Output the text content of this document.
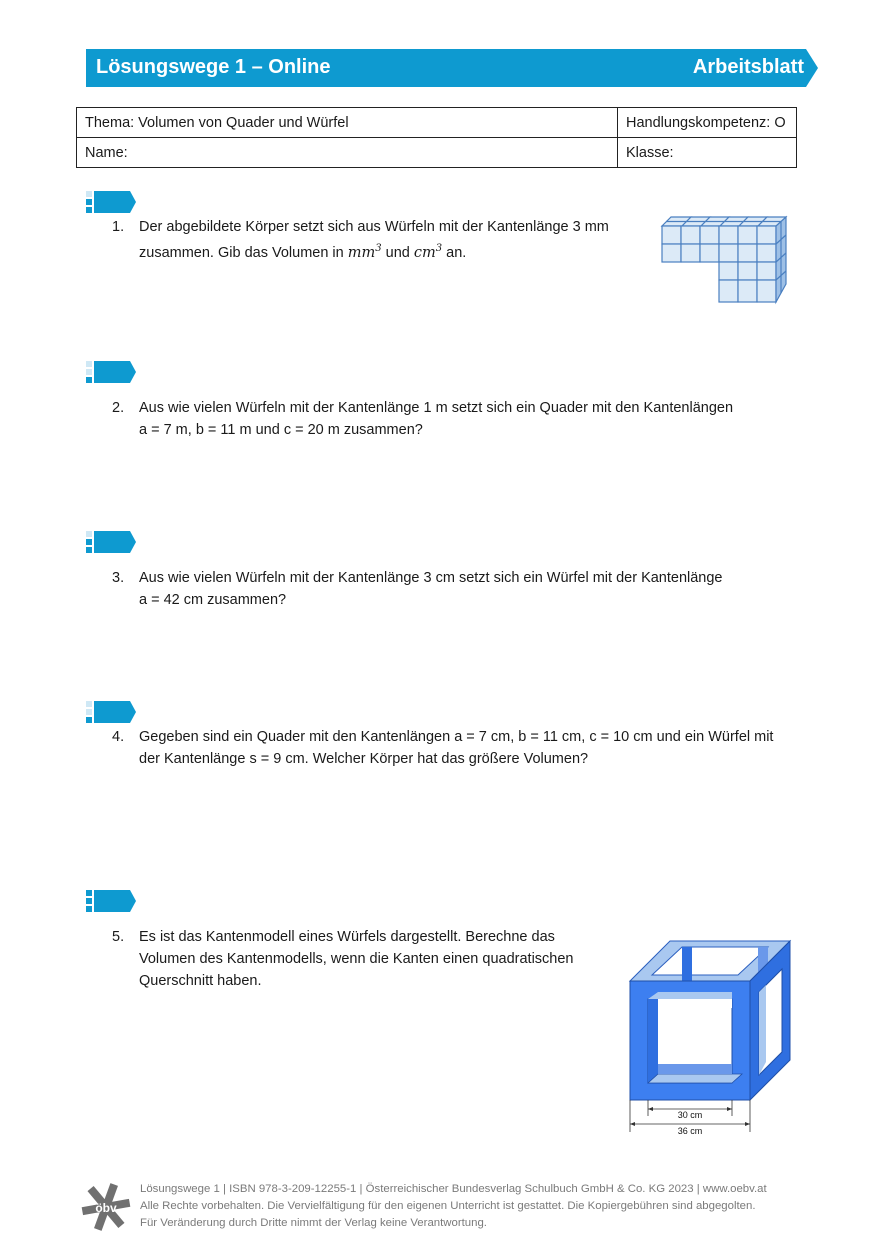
Lösungswege 1 – Online	Arbeitsblatt
Thema: Volumen von Quader und Würfel	Handlungskompetenz: O
Name:	Klasse:
1.	Der abgebildete Körper setzt sich aus Würfeln mit der Kantenlänge 3 mm
zusammen. Gib das Volumen in $mm^3$ und $cm^3$ an.
2.	Aus wie vielen Würfeln mit der Kantenlänge 1 m setzt sich ein Quader mit den Kantenlängen
a = 7 m, b = 11 m und c = 20 m zusammen?
3.	Aus wie vielen Würfeln mit der Kantenlänge 3 cm setzt sich ein Würfel mit der Kantenlänge
a = 42 cm zusammen?
4.	Gegeben sind ein Quader mit den Kantenlängen a = 7 cm, b = 11 cm, c = 10 cm und ein Würfel mit
der Kantenlänge s = 9 cm. Welcher Körper hat das größere Volumen?
5.	Es ist das Kantenmodell eines Würfels dargestellt. Berechne das
Volumen des Kantenmodells, wenn die Kanten einen quadratischen
Querschnitt haben.
30 cm
36 cm
öbv
Lösungswege 1 | ISBN 978-3-209-12255-1 | Österreichischer Bundesverlag Schulbuch GmbH & Co. KG 2023 | www.oebv.at
Alle Rechte vorbehalten. Die Vervielfältigung für den eigenen Unterricht ist gestattet. Die Kopiergebühren sind abgegolten.
Für Veränderung durch Dritte nimmt der Verlag keine Verantwortung.
